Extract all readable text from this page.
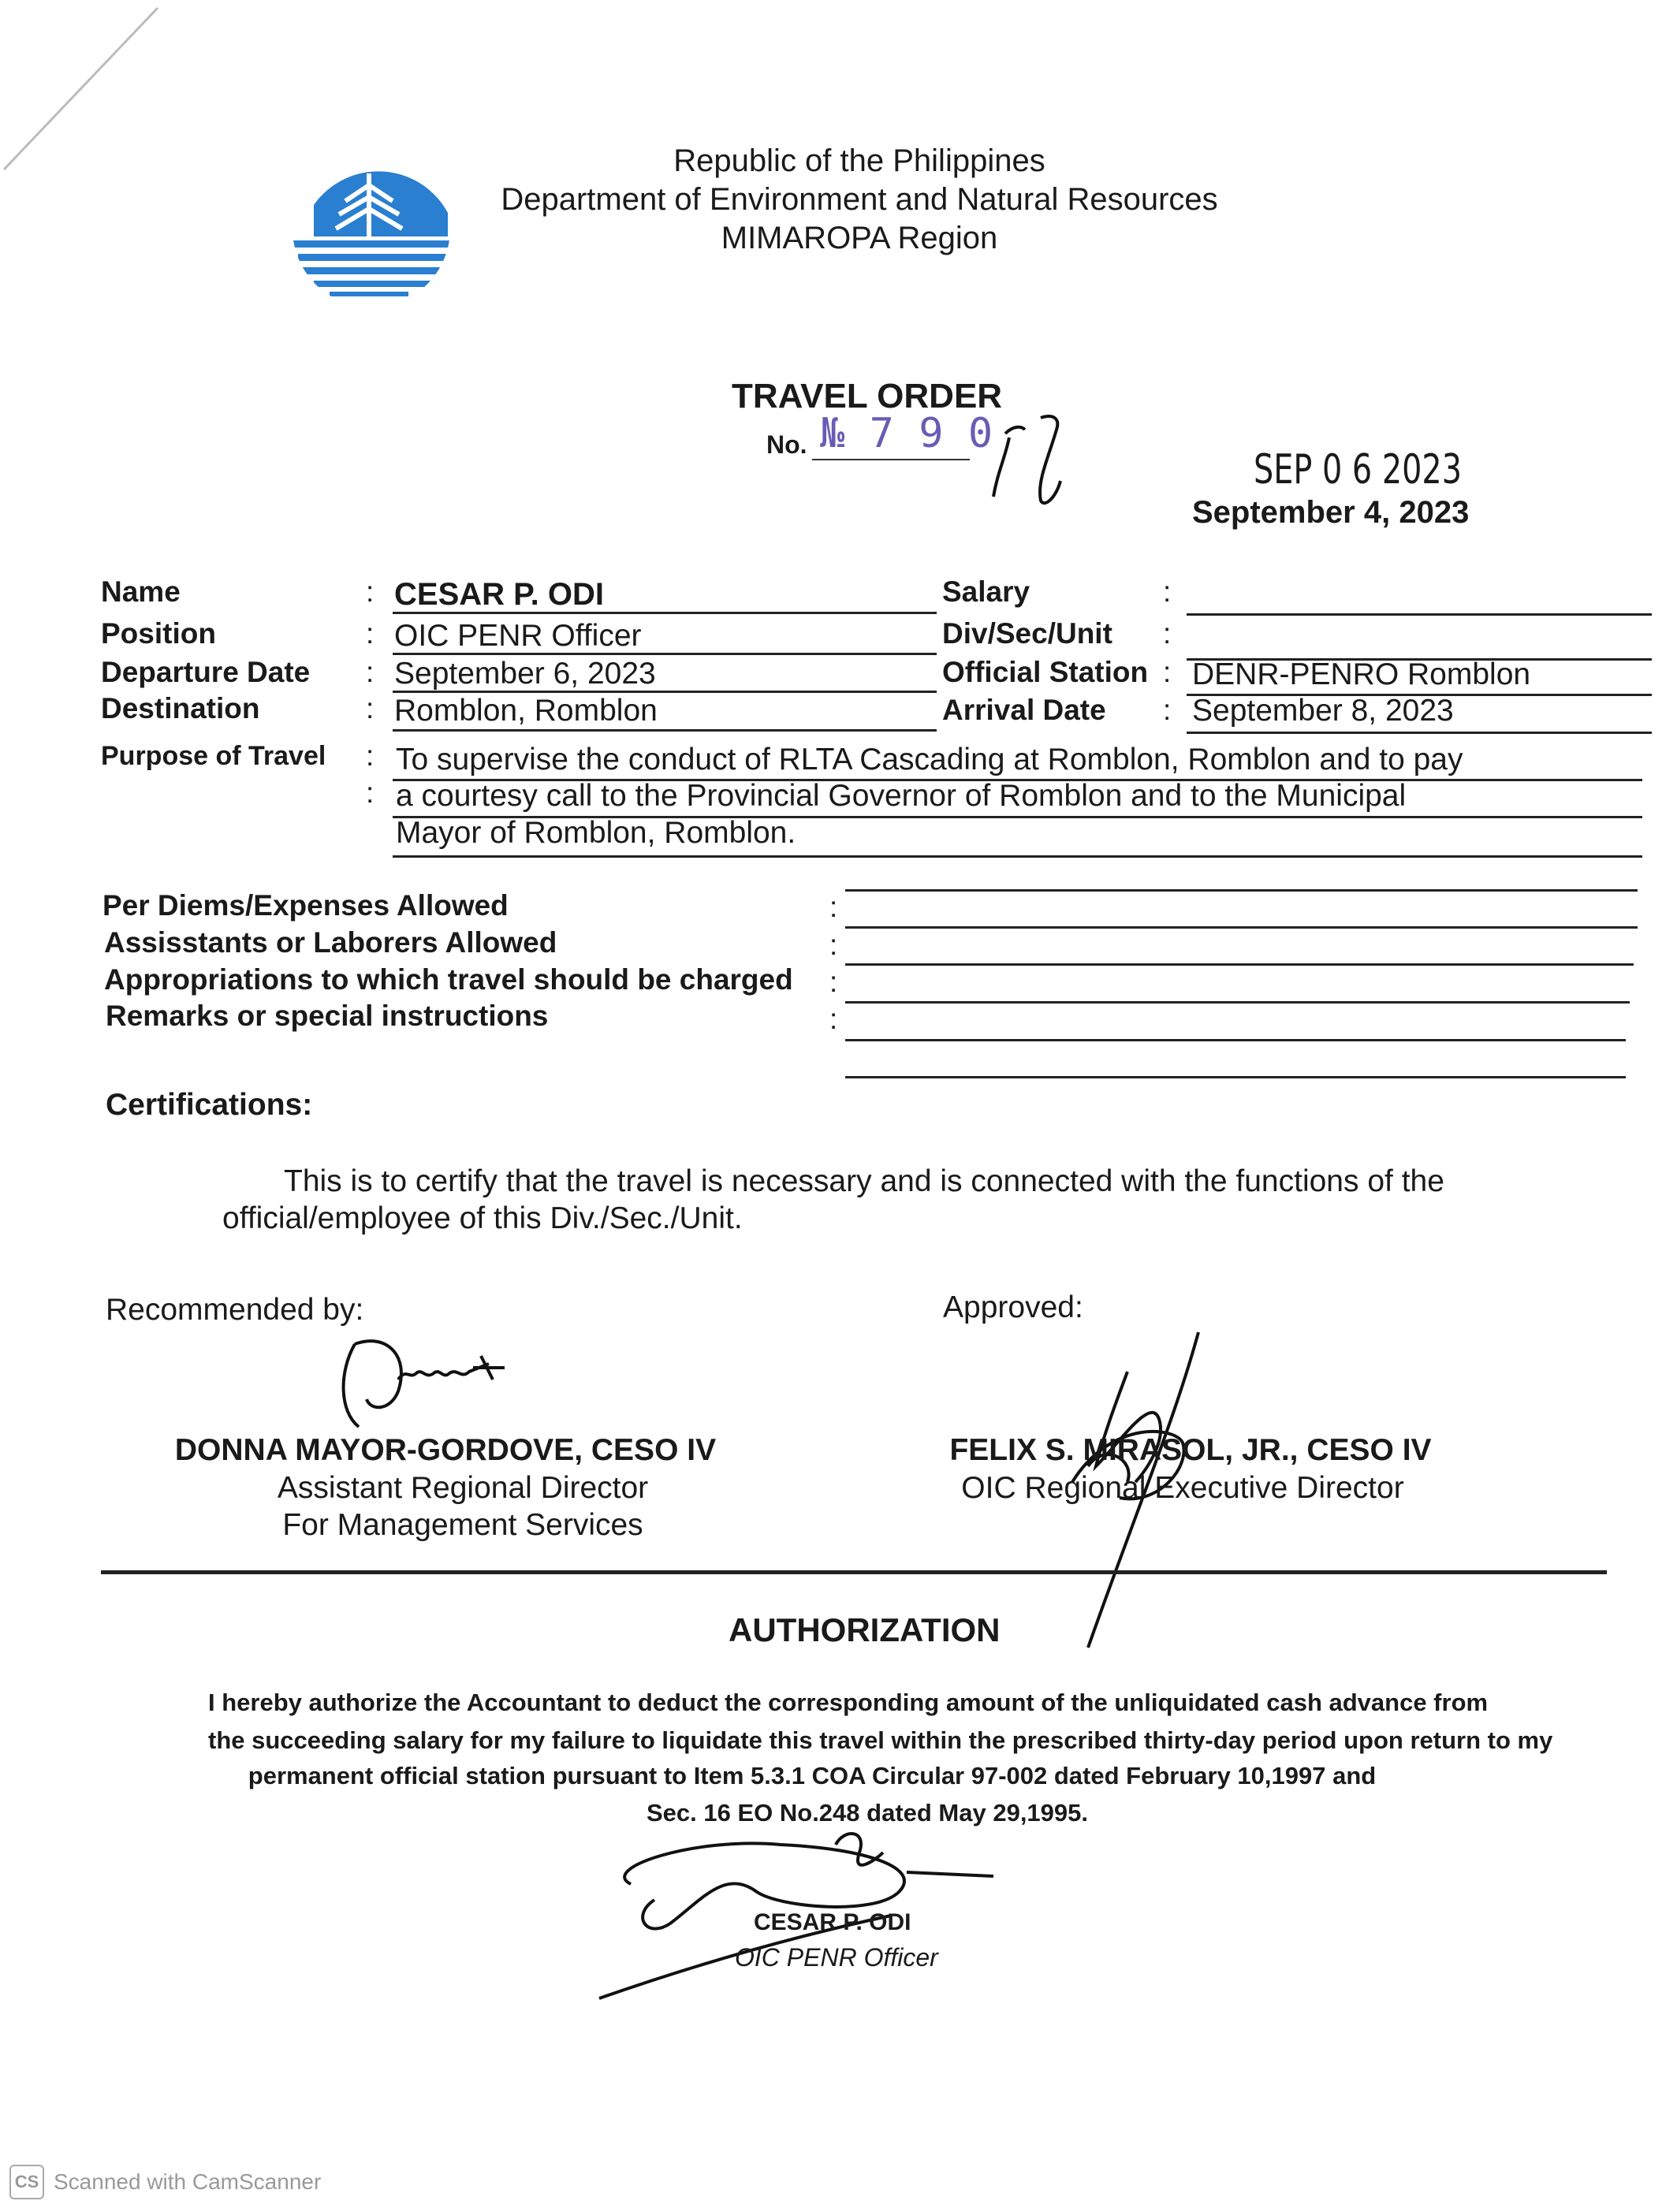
Republic of the Philippines
Department of Environment and Natural Resources
MIMAROPA Region
TRAVEL ORDER
No. № 7 9 0
SEP 0 6 2023
September 4, 2023
Name
Position
Departure Date
Destination
Purpose of Travel
:
:
:
:
:
:
CESAR P. ODI
OIC PENR Officer
September 6, 2023
Romblon, Romblon
Salary
Div/Sec/Unit
Official Station
Arrival Date
:
:
:
:
DENR-PENRO Romblon
September 8, 2023
To supervise the conduct of RLTA Cascading at Romblon, Romblon and to pay
a courtesy call to the Provincial Governor of Romblon and to the Municipal
Mayor of Romblon, Romblon.
Per Diems/Expenses Allowed
Assisstants or Laborers Allowed
Appropriations to which travel should be charged
Remarks or special instructions
:
:
:
:
Certifications:
This is to certify that the travel is necessary and is connected with the functions of the
official/employee of this Div./Sec./Unit.
Recommended by:	Approved:
DONNA MAYOR-GORDOVE, CESO IV
Assistant Regional Director
For Management Services
FELIX S. MIRASOL, JR., CESO IV
OIC Regional Executive Director
AUTHORIZATION
I hereby authorize the Accountant to deduct the corresponding amount of the unliquidated cash advance from
the succeeding salary for my failure to liquidate this travel within the prescribed thirty-day period upon return to my
permanent official station pursuant to Item 5.3.1 COA Circular 97-002 dated February 10,1997 and
Sec. 16 EO No.248 dated May 29,1995.
CESAR P. ODI
OIC PENR Officer
CS Scanned with CamScanner
